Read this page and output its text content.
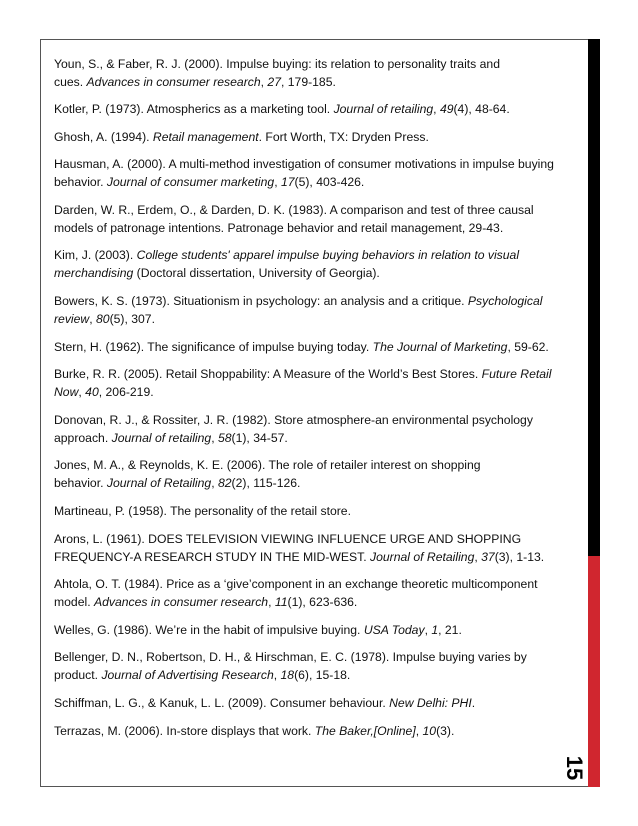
Youn, S., & Faber, R. J. (2000). Impulse buying: its relation to personality traits and
cues. Advances in consumer research, 27, 179-185.

Kotler, P. (1973). Atmospherics as a marketing tool. Journal of retailing, 49(4), 48-64.

Ghosh, A. (1994). Retail management. Fort Worth, TX: Dryden Press.

Hausman, A. (2000). A multi-method investigation of consumer motivations in impulse buying
behavior. Journal of consumer marketing, 17(5), 403-426.

Darden, W. R., Erdem, O., & Darden, D. K. (1983). A comparison and test of three causal
models of patronage intentions. Patronage behavior and retail management, 29-43.

Kim, J. (2003). College students' apparel impulse buying behaviors in relation to visual
merchandising (Doctoral dissertation, University of Georgia).

Bowers, K. S. (1973). Situationism in psychology: an analysis and a critique. Psychological
review, 80(5), 307.

Stern, H. (1962). The significance of impulse buying today. The Journal of Marketing, 59-62.

Burke, R. R. (2005). Retail Shoppability: A Measure of the World’s Best Stores. Future Retail
Now, 40, 206-219.

Donovan, R. J., & Rossiter, J. R. (1982). Store atmosphere-an environmental psychology
approach. Journal of retailing, 58(1), 34-57.

Jones, M. A., & Reynolds, K. E. (2006). The role of retailer interest on shopping
behavior. Journal of Retailing, 82(2), 115-126.

Martineau, P. (1958). The personality of the retail store.

Arons, L. (1961). DOES TELEVISION VIEWING INFLUENCE URGE AND SHOPPING
FREQUENCY-A RESEARCH STUDY IN THE MID-WEST. Journal of Retailing, 37(3), 1-13.

Ahtola, O. T. (1984). Price as a ‘give’component in an exchange theoretic multicomponent
model. Advances in consumer research, 11(1), 623-636.

Welles, G. (1986). We’re in the habit of impulsive buying. USA Today, 1, 21.

Bellenger, D. N., Robertson, D. H., & Hirschman, E. C. (1978). Impulse buying varies by
product. Journal of Advertising Research, 18(6), 15-18.

Schiffman, L. G., & Kanuk, L. L. (2009). Consumer behaviour. New Delhi: PHI.

Terrazas, M. (2006). In-store displays that work. The Baker,[Online], 10(3).

15
